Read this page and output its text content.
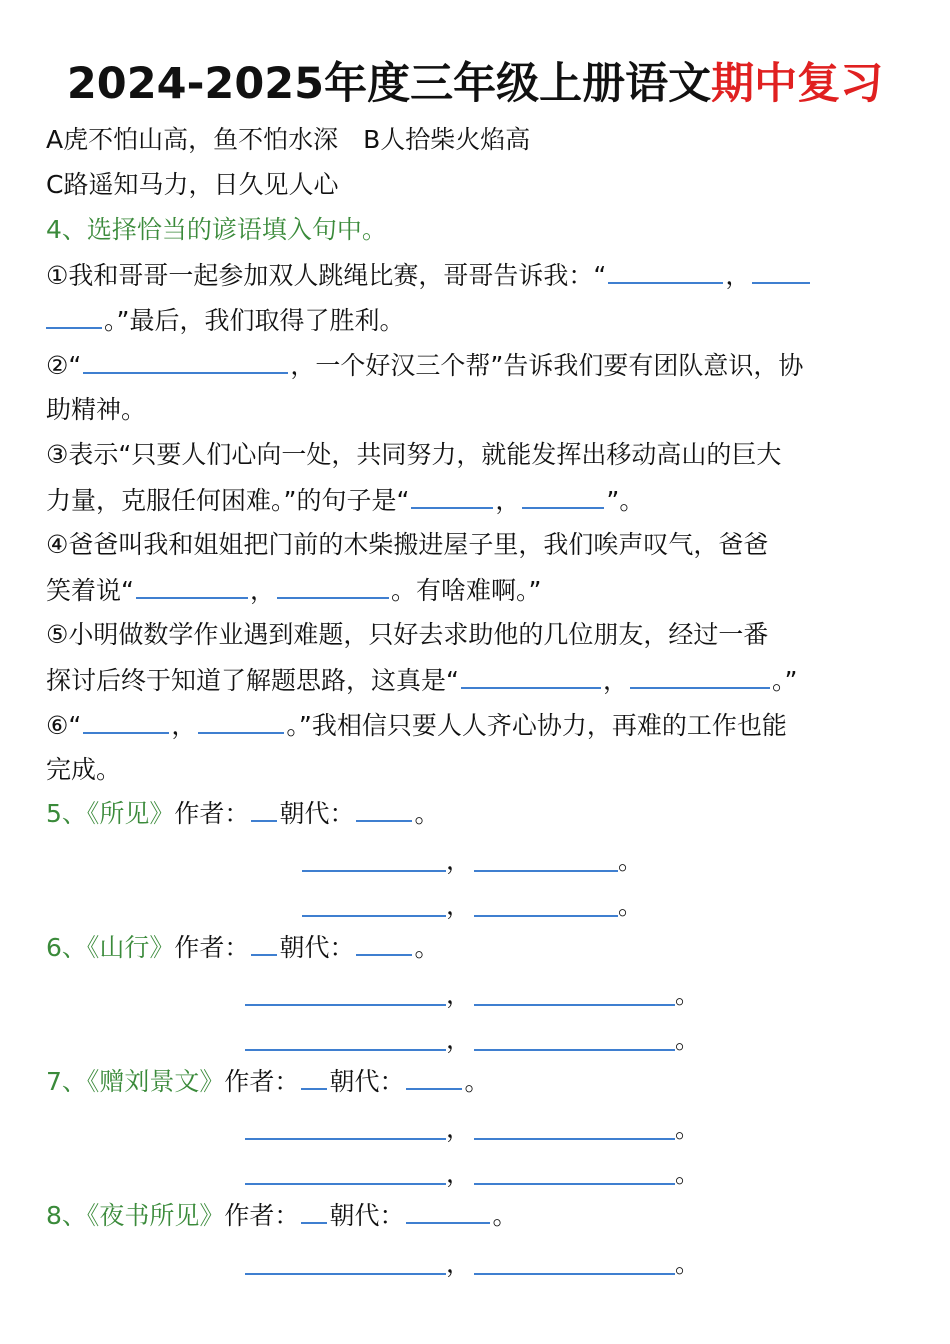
2024-2025年度三年级上册语文期中复习
A虎不怕山高，鱼不怕水深　B人拾柴火焰高
C路遥知马力，日久见人心
4、选择恰当的谚语填入句中。
①我和哥哥一起参加双人跳绳比赛，哥哥告诉我：“	，
。”最后，我们取得了胜利。
②“	，一个好汉三个帮”告诉我们要有团队意识，协
助精神。
③表示“只要人们心向一处，共同努力，就能发挥出移动高山的巨大
力量，克服任何困难。”的句子是“	，	”。
④爸爸叫我和姐姐把门前的木柴搬进屋子里，我们唉声叹气，爸爸
笑着说“	，	。有啥难啊。”
⑤小明做数学作业遇到难题，只好去求助他的几位朋友，经过一番
探讨后终于知道了解题思路，这真是“	，	。”
⑥“	，	。”我相信只要人人齐心协力，再难的工作也能
完成。
5、《所见》作者： 朝代： 。
，	。
，	。
6、《山行》作者： 朝代： 。
，	。
，	。
7、《赠刘景文》作者： 朝代： 。
，	。
，	。
8、《夜书所见》作者： 朝代：	。
，	。
